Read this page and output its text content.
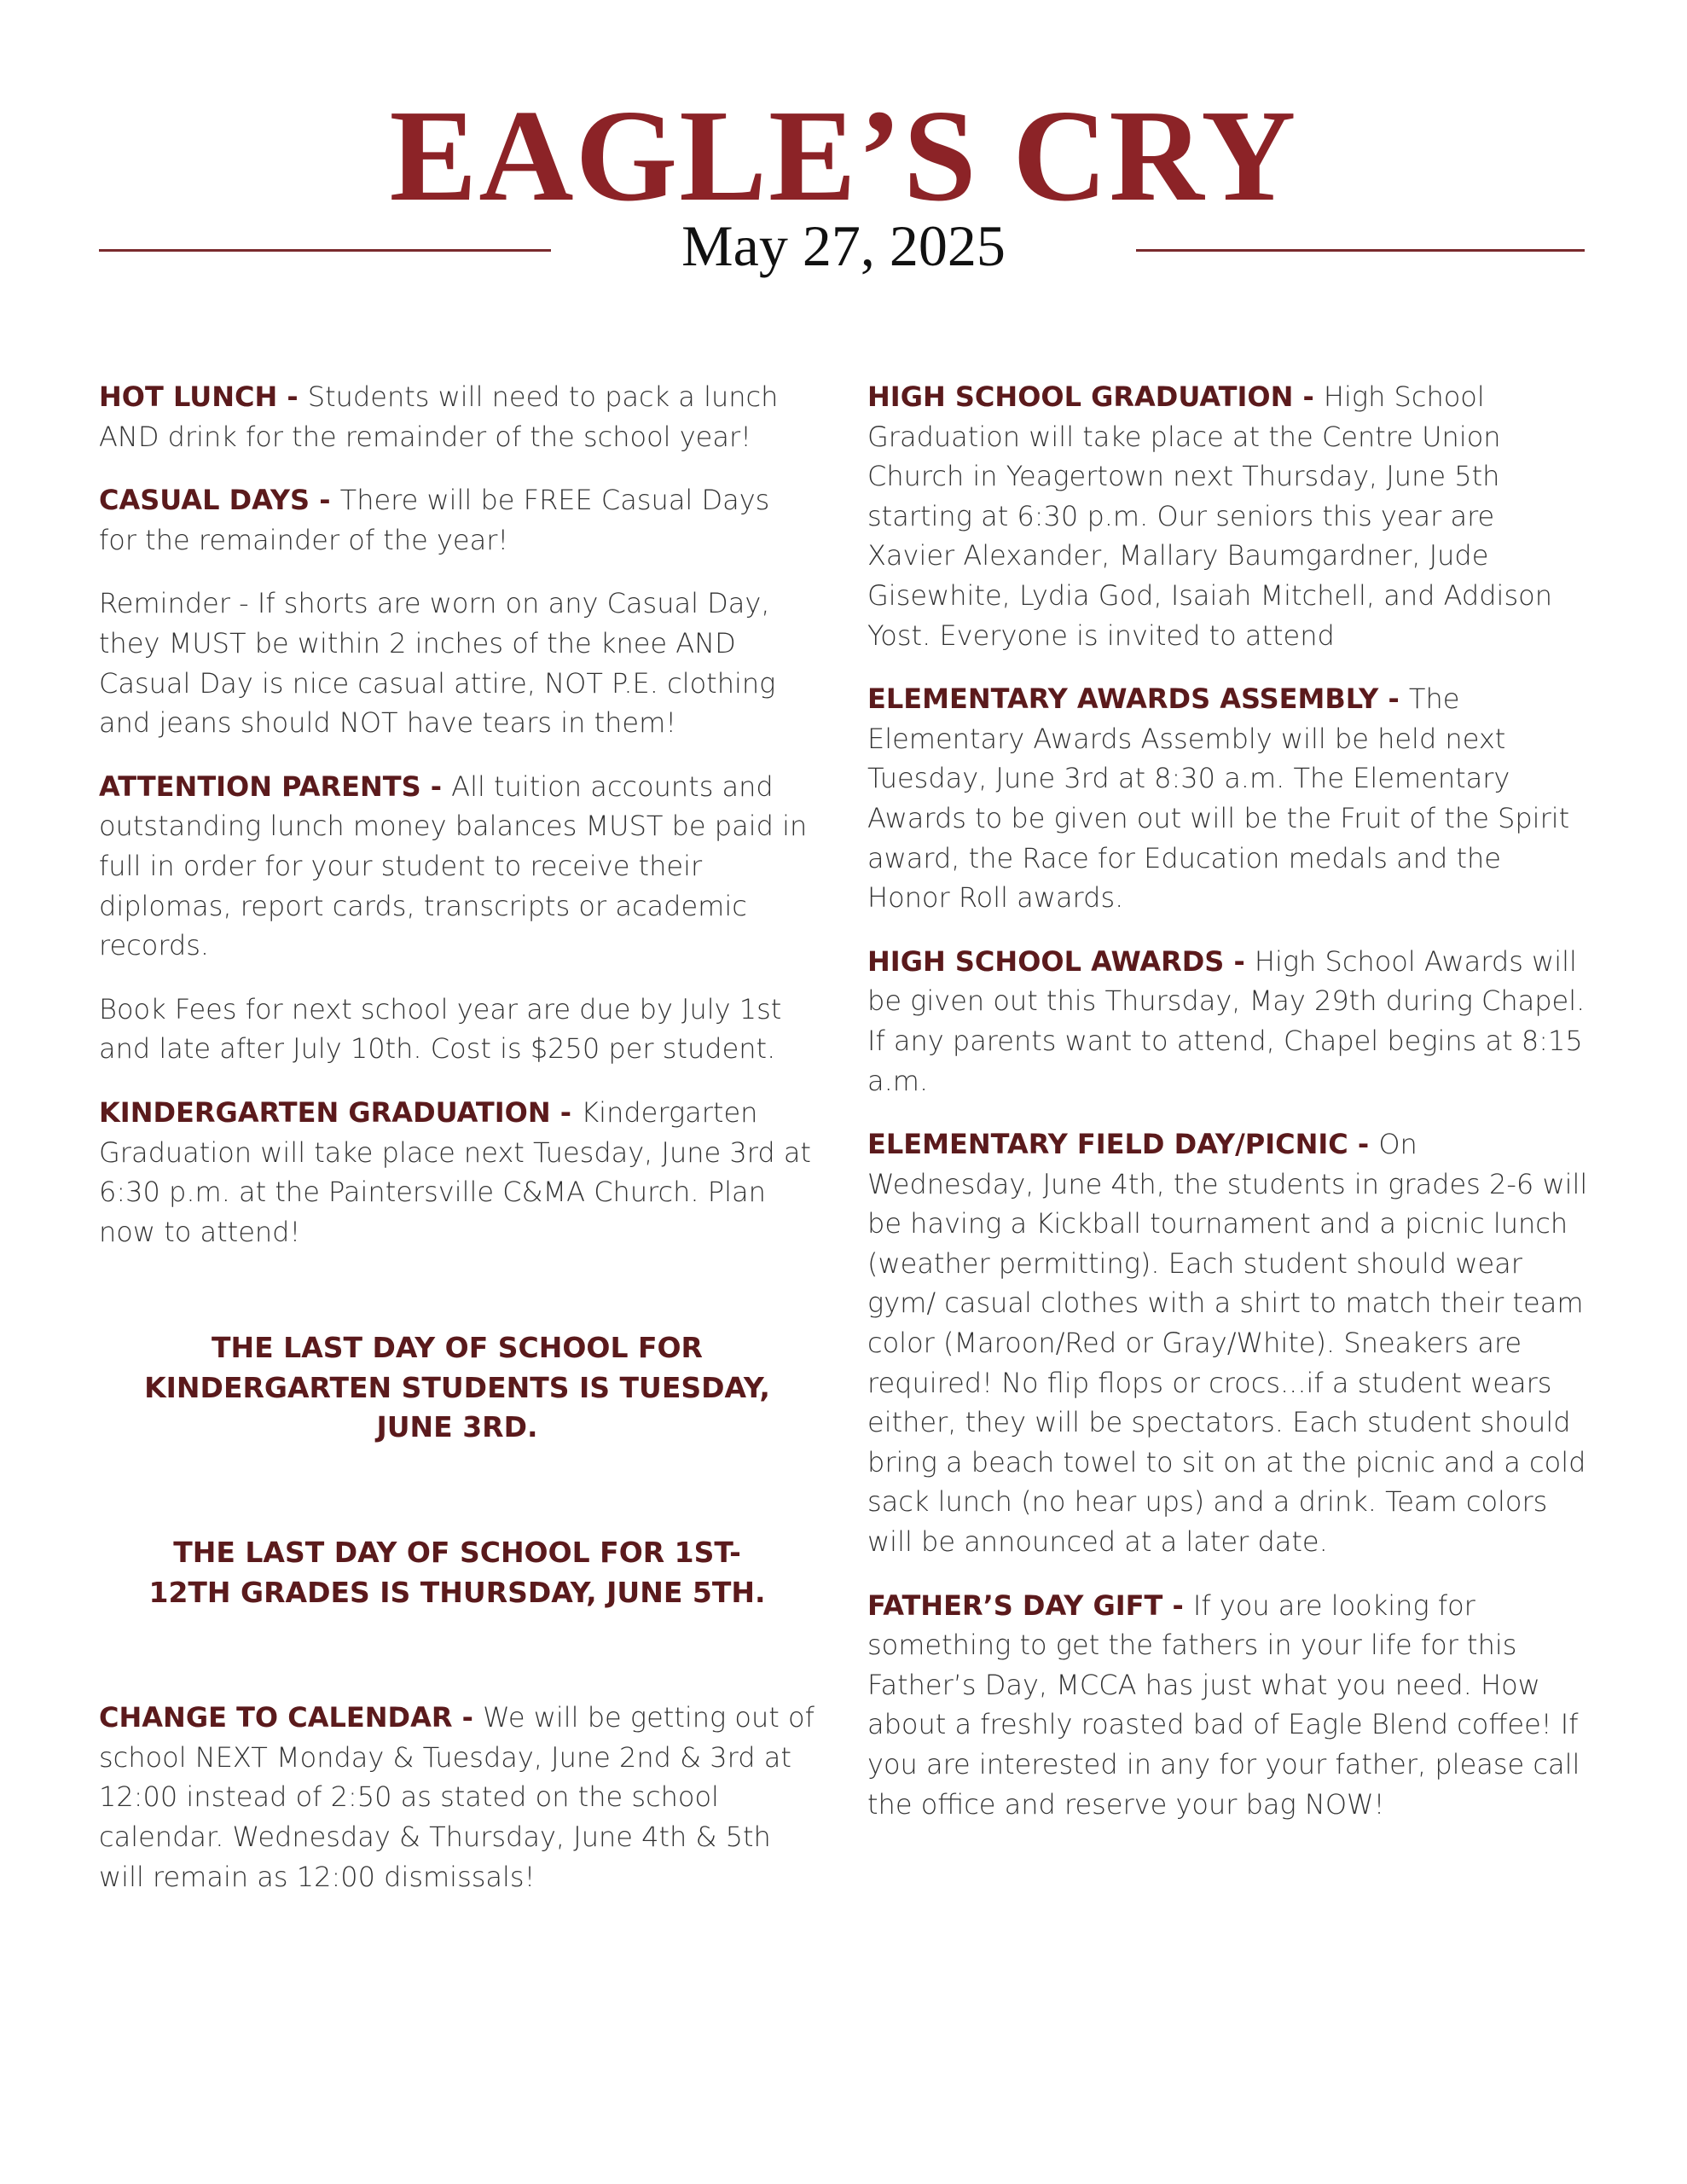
EAGLE’S CRY
May 27, 2025

HOT LUNCH - Students will need to pack a lunch AND drink for the remainder of the school year!

CASUAL DAYS - There will be FREE Casual Days for the remainder of the year!

Reminder - If shorts are worn on any Casual Day, they MUST be within 2 inches of the knee AND Casual Day is nice casual attire, NOT P.E. clothing and jeans should NOT have tears in them!

ATTENTION PARENTS - All tuition accounts and outstanding lunch money balances MUST be paid in full in order for your student to receive their diplomas, report cards, transcripts or academic records.

Book Fees for next school year are due by July 1st and late after July 10th. Cost is $250 per student.

KINDERGARTEN GRADUATION - Kindergarten Graduation will take place next Tuesday, June 3rd at 6:30 p.m. at the Paintersville C&MA Church. Plan now to attend!

THE LAST DAY OF SCHOOL FOR KINDERGARTEN STUDENTS IS TUESDAY, JUNE 3RD.

THE LAST DAY OF SCHOOL FOR 1ST-12TH GRADES IS THURSDAY, JUNE 5TH.

CHANGE TO CALENDAR - We will be getting out of school NEXT Monday & Tuesday, June 2nd & 3rd at 12:00 instead of 2:50 as stated on the school calendar. Wednesday & Thursday, June 4th & 5th will remain as 12:00 dismissals!

HIGH SCHOOL GRADUATION - High School Graduation will take place at the Centre Union Church in Yeagertown next Thursday, June 5th starting at 6:30 p.m. Our seniors this year are Xavier Alexander, Mallary Baumgardner, Jude Gisewhite, Lydia God, Isaiah Mitchell, and Addison Yost. Everyone is invited to attend

ELEMENTARY AWARDS ASSEMBLY - The Elementary Awards Assembly will be held next Tuesday, June 3rd at 8:30 a.m. The Elementary Awards to be given out will be the Fruit of the Spirit award, the Race for Education medals and the Honor Roll awards.

HIGH SCHOOL AWARDS - High School Awards will be given out this Thursday, May 29th during Chapel. If any parents want to attend, Chapel begins at 8:15 a.m.

ELEMENTARY FIELD DAY/PICNIC - On Wednesday, June 4th, the students in grades 2-6 will be having a Kickball tournament and a picnic lunch (weather permitting). Each student should wear gym/ casual clothes with a shirt to match their team color (Maroon/Red or Gray/White). Sneakers are required! No flip flops or crocs...if a student wears either, they will be spectators. Each student should bring a beach towel to sit on at the picnic and a cold sack lunch (no hear ups) and a drink. Team colors will be announced at a later date.

FATHER’S DAY GIFT - If you are looking for something to get the fathers in your life for this Father’s Day, MCCA has just what you need. How about a freshly roasted bad of Eagle Blend coffee! If you are interested in any for your father, please call the office and reserve your bag NOW!
